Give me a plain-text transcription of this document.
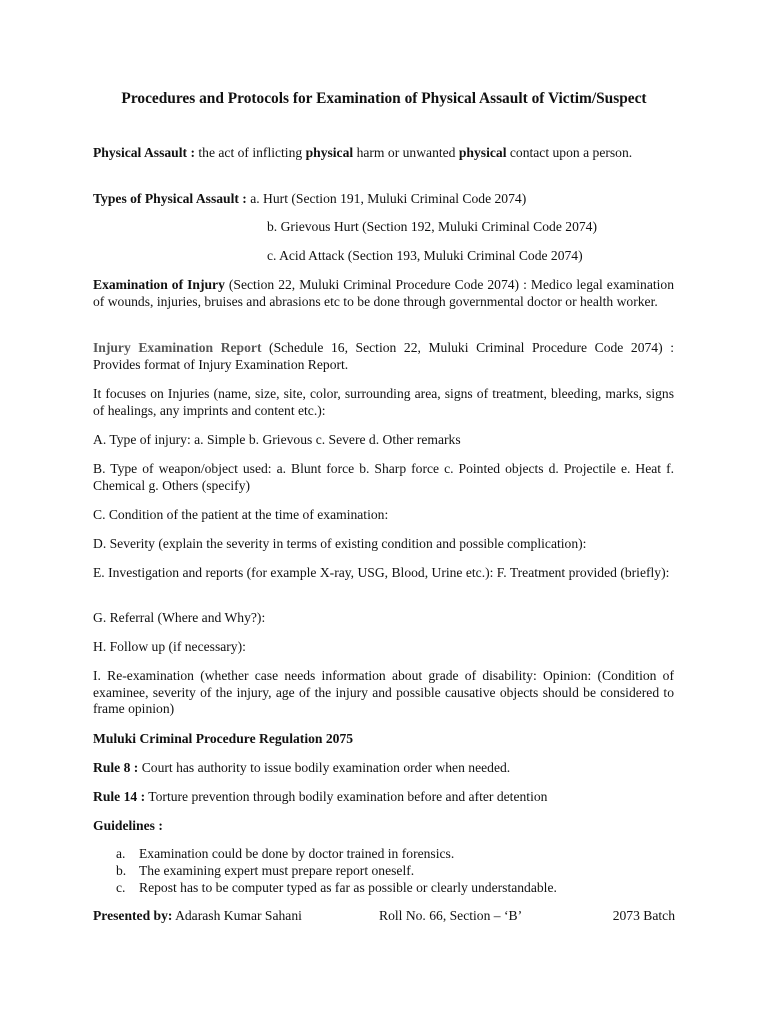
Procedures and Protocols for Examination of Physical Assault of Victim/Suspect

Physical Assault : the act of inflicting physical harm or unwanted physical contact upon a person.

Types of Physical Assault : a. Hurt (Section 191, Muluki Criminal Code 2074)

b. Grievous Hurt (Section 192, Muluki Criminal Code 2074)
c. Acid Attack (Section 193, Muluki Criminal Code 2074)

Examination of Injury (Section 22, Muluki Criminal Procedure Code 2074) : Medico legal examination of wounds, injuries, bruises and abrasions etc to be done through governmental doctor or health worker.

Injury Examination Report (Schedule 16, Section 22, Muluki Criminal Procedure Code 2074) : Provides format of Injury Examination Report.

It focuses on Injuries (name, size, site, color, surrounding area, signs of treatment, bleeding, marks, signs of healings, any imprints and content etc.):

A. Type of injury: a. Simple b. Grievous c. Severe d. Other remarks

B. Type of weapon/object used: a. Blunt force b. Sharp force c. Pointed objects d. Projectile e. Heat f. Chemical g. Others (specify)

C. Condition of the patient at the time of examination:

D. Severity (explain the severity in terms of existing condition and possible complication):

E. Investigation and reports (for example X-ray, USG, Blood, Urine etc.): F. Treatment provided (briefly):

G. Referral (Where and Why?):

H. Follow up (if necessary):

I. Re-examination (whether case needs information about grade of disability: Opinion: (Condition of examinee, severity of the injury, age of the injury and possible causative objects should be considered to frame opinion)

Muluki Criminal Procedure Regulation 2075

Rule 8 : Court has authority to issue bodily examination order when needed.

Rule 14 : Torture prevention through bodily examination before and after detention

Guidelines :

a. Examination could be done by doctor trained in forensics.
b. The examining expert must prepare report oneself.
c. Repost has to be computer typed as far as possible or clearly understandable.
Presented by: Adarash Kumar Sahani	Roll No. 66, Section – ‘B’	2073 Batch
